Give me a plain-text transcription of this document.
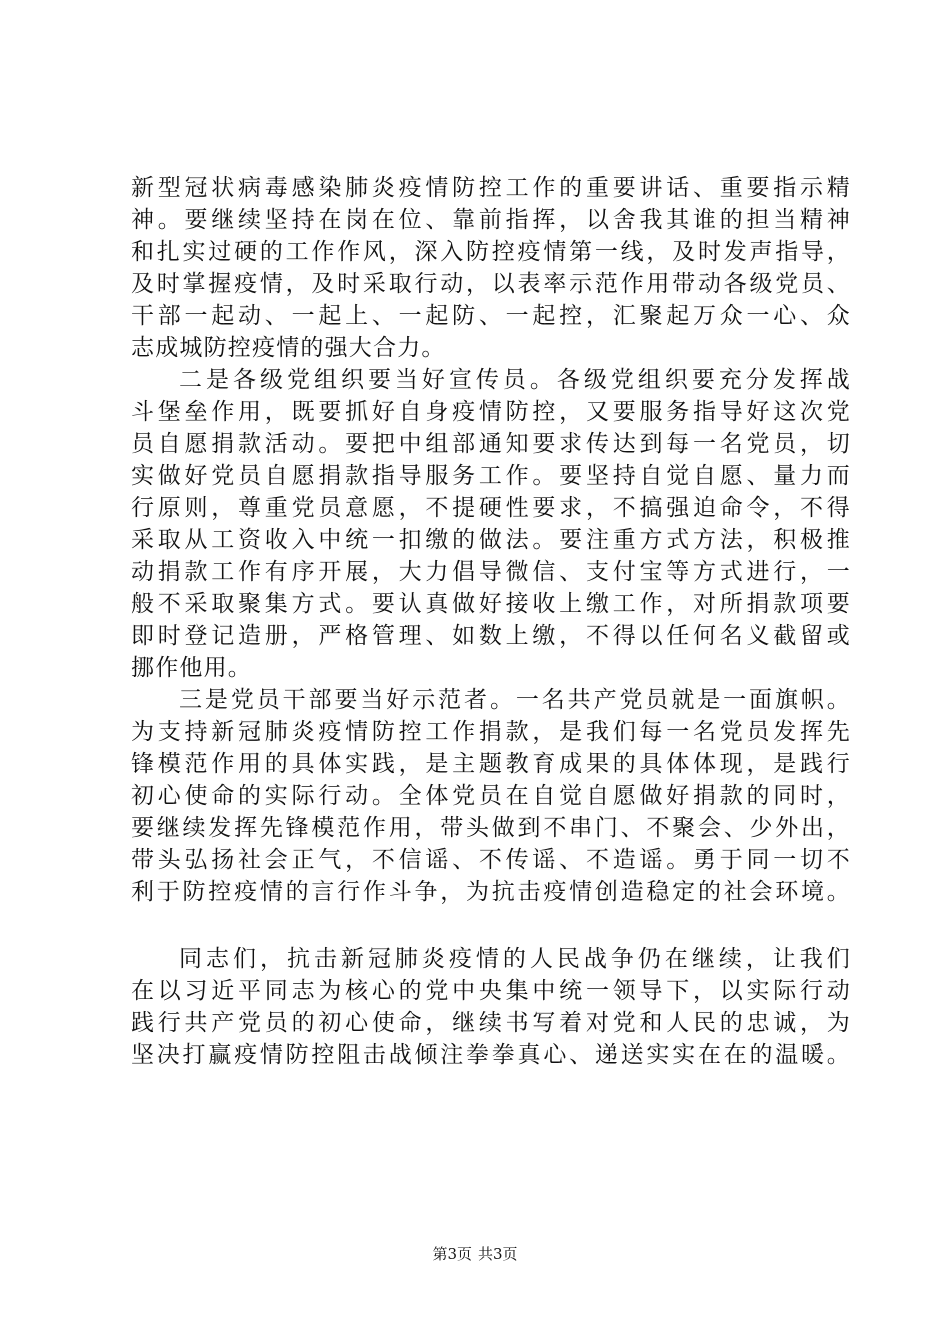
新型冠状病毒感染肺炎疫情防控工作的重要讲话、重要指示精
神。要继续坚持在岗在位、靠前指挥，以舍我其谁的担当精神
和扎实过硬的工作作风，深入防控疫情第一线，及时发声指导，
及时掌握疫情，及时采取行动，以表率示范作用带动各级党员、
干部一起动、一起上、一起防、一起控，汇聚起万众一心、众
志成城防控疫情的强大合力。
二是各级党组织要当好宣传员。各级党组织要充分发挥战
斗堡垒作用，既要抓好自身疫情防控，又要服务指导好这次党
员自愿捐款活动。要把中组部通知要求传达到每一名党员，切
实做好党员自愿捐款指导服务工作。要坚持自觉自愿、量力而
行原则，尊重党员意愿，不提硬性要求，不搞强迫命令，不得
采取从工资收入中统一扣缴的做法。要注重方式方法，积极推
动捐款工作有序开展，大力倡导微信、支付宝等方式进行，一
般不采取聚集方式。要认真做好接收上缴工作，对所捐款项要
即时登记造册，严格管理、如数上缴，不得以任何名义截留或
挪作他用。
三是党员干部要当好示范者。一名共产党员就是一面旗帜。
为支持新冠肺炎疫情防控工作捐款，是我们每一名党员发挥先
锋模范作用的具体实践，是主题教育成果的具体体现，是践行
初心使命的实际行动。全体党员在自觉自愿做好捐款的同时，
要继续发挥先锋模范作用，带头做到不串门、不聚会、少外出，
带头弘扬社会正气，不信谣、不传谣、不造谣。勇于同一切不
利于防控疫情的言行作斗争，为抗击疫情创造稳定的社会环境。
同志们，抗击新冠肺炎疫情的人民战争仍在继续，让我们
在以习近平同志为核心的党中央集中统一领导下，以实际行动
践行共产党员的初心使命，继续书写着对党和人民的忠诚，为
坚决打赢疫情防控阻击战倾注拳拳真心、递送实实在在的温暖。
第3页 共3页
